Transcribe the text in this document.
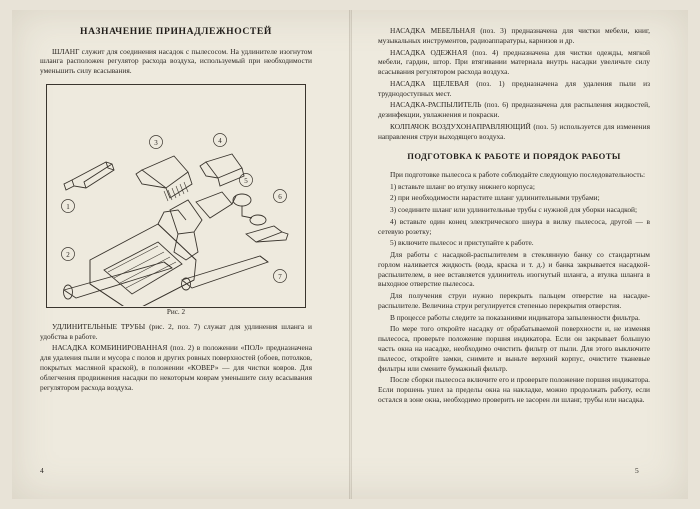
НАЗНАЧЕНИЕ ПРИНАДЛЕЖНОСТЕЙ

ШЛАНГ служит для соединения насадок с пылесосом. На удлинителе изогнутом шланга расположен регулятор расхода воздуха, используемый при необходимости уменьшить силу всасывания.

1
2
3	4
5
6
7
Рис. 2

УДЛИНИТЕЛЬНЫЕ ТРУБЫ (рис. 2, поз. 7) служат для удлинения шланга и удобства в работе.

НАСАДКА КОМБИНИРОВАННАЯ (поз. 2) в положении «ПОЛ» предназначена для удаления пыли и мусора с полов и других ровных поверхностей (обоев, потолков, покрытых масляной краской), в положении «КОВЕР» — для чистки ковров. Для облегчения продвижения насадки по некоторым коврам уменьшите силу всасывания регулятором расхода воздуха.

НАСАДКА МЕБЕЛЬНАЯ (поз. 3) предназначена для чистки мебели, книг, музыкальных инструментов, радиоаппаратуры, карнизов и др.

НАСАДКА ОДЕЖНАЯ (поз. 4) предназначена для чистки одежды, мягкой мебели, гардин, штор. При втягивании материала внутрь насадки увеличьте силу всасывания регулятором расхода воздуха.

НАСАДКА ЩЕЛЕВАЯ (поз. 1) предназначена для удаления пыли из труднодоступных мест.

НАСАДКА-РАСПЫЛИТЕЛЬ (поз. 6) предназначена для распыления жидкостей, дезинфекции, увлажнения и покраски.

КОЛПАЧОК ВОЗДУХОНАПРАВЛЯЮЩИЙ (поз. 5) используется для изменения направления струи выходящего воздуха.

ПОДГОТОВКА К РАБОТЕ И ПОРЯДОК РАБОТЫ

При подготовке пылесоса к работе соблюдайте следующую последовательность:

1) вставьте шланг во втулку нижнего корпуса;

2) при необходимости нарастите шланг удлинительными трубами;

3) соедините шланг или удлинительные трубы с нужной для уборки насадкой;

4) вставьте один конец электрического шнура в вилку пылесоса, другой — в сетевую розетку;

5) включите пылесос и приступайте к работе.

Для работы с насадкой-распылителем в стеклянную банку со стандартным горлом наливается жидкость (вода, краска и т. д.) и банка закрывается насадкой-распылителем, в нее вставляется удлинитель изогнутый шланга, а втулка шланга в выходное отверстие пылесоса.

Для получения струи нужно перекрыть пальцем отверстие на насадке-распылителе. Величина струи регулируется степенью перекрытия отверстия.

В процессе работы следите за показаниями индикатора запыленности фильтра.

По мере того откройте насадку от обрабатываемой поверхности и, не изменяя пылесоса, проверьте положение поршня индикатора. Если он закрывает большую часть окна на насадке, необходимо очистить фильтр от пыли. Для этого выключите пылесос, откройте замки, снимите и выньте верхний корпус, очистите тканевые фильтры или смените бумажный фильтр.

После сборки пылесоса включите его и проверьте положение поршня индикатора. Если поршень ушел за пределы окна на накладке, можно продолжать работу, если остался в зоне окна, необходимо проверить не засорен ли шланг, трубы или насадка.

4	5
